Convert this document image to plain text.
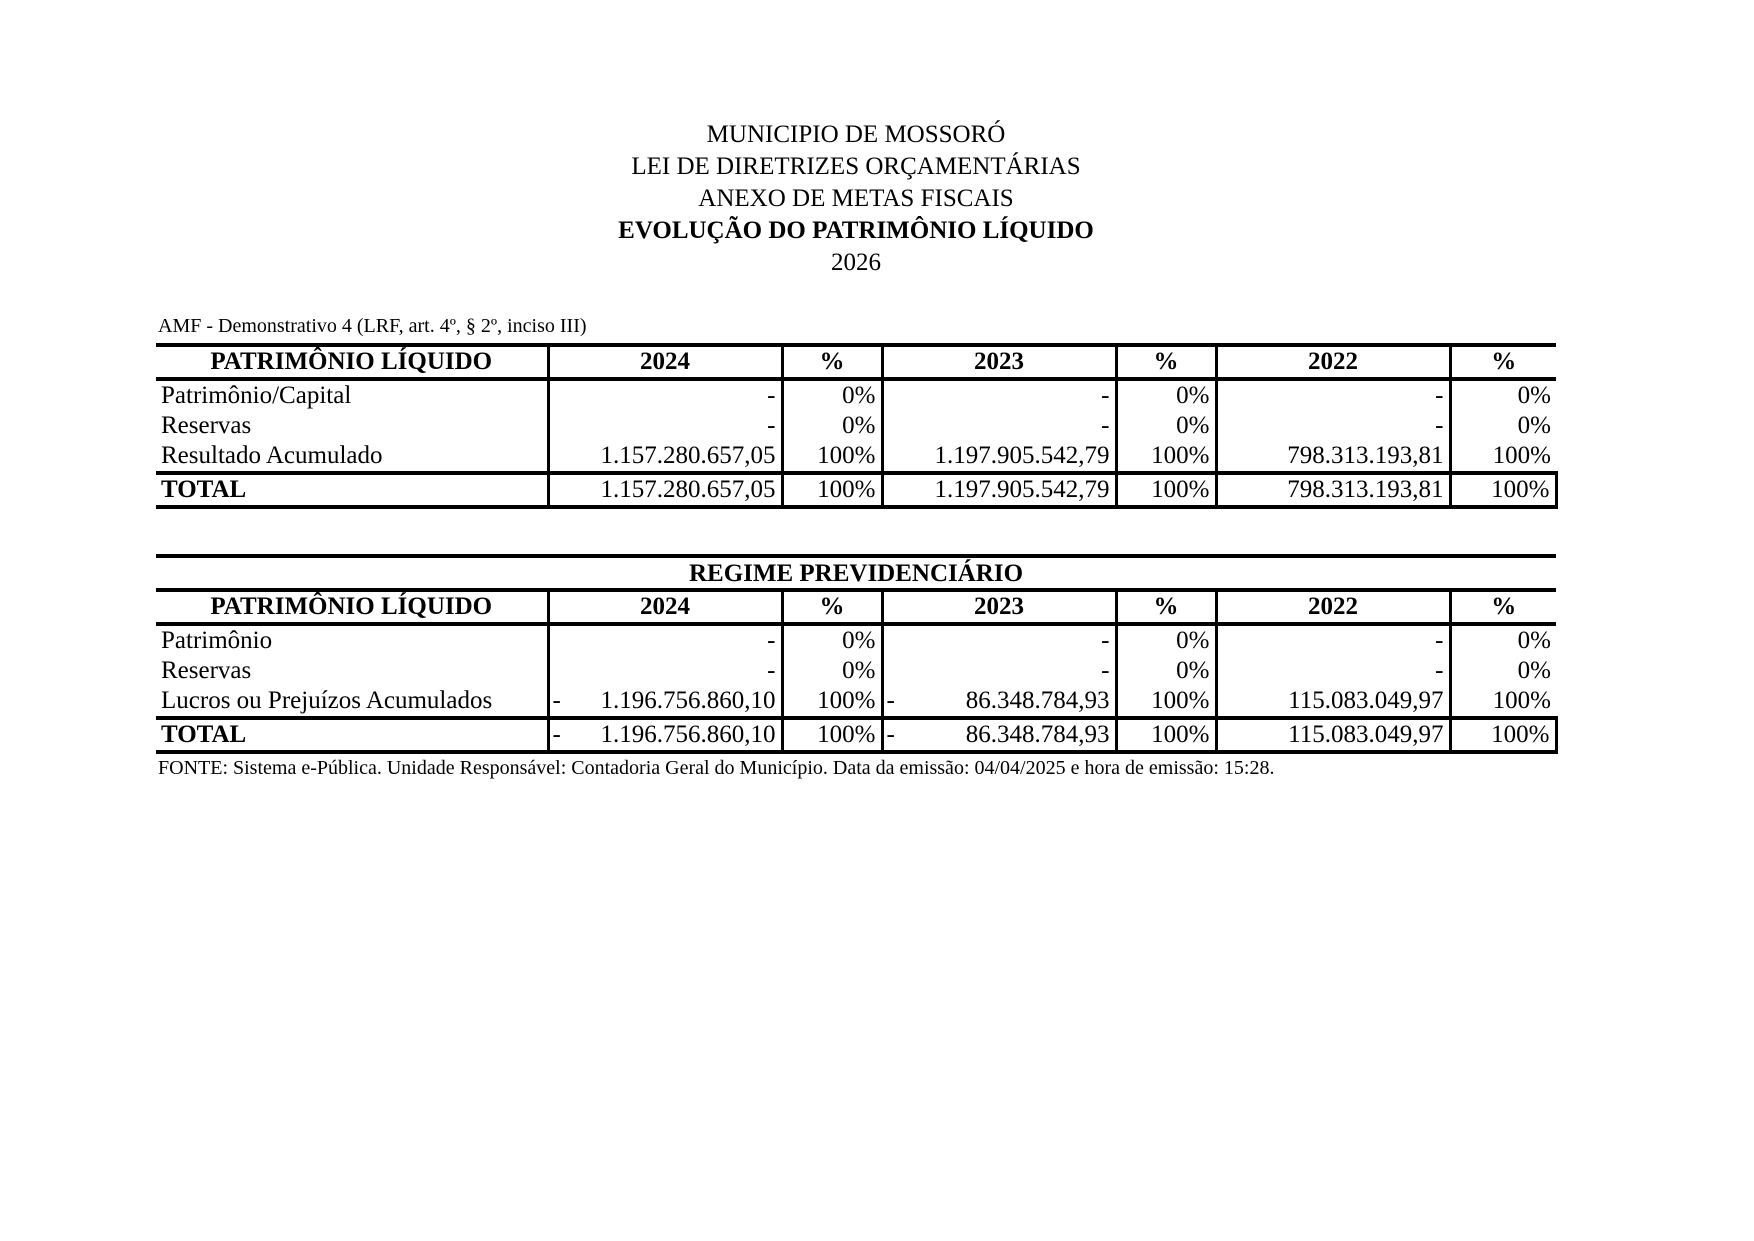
MUNICIPIO DE MOSSORÓ
LEI DE DIRETRIZES ORÇAMENTÁRIAS
ANEXO DE METAS FISCAIS
EVOLUÇÃO DO PATRIMÔNIO LÍQUIDO
2026
AMF - Demonstrativo 4 (LRF, art. 4º, § 2º, inciso III)
PATRIMÔNIO LÍQUIDO	2024	%	2023	%	2022	%
Patrimônio/Capital	-	0%	-	0%	-	0%
Reservas	-	0%	-	0%	-	0%
Resultado Acumulado	1.157.280.657,05	100%	1.197.905.542,79	100%	798.313.193,81	100%
TOTAL	1.157.280.657,05	100%	1.197.905.542,79	100%	798.313.193,81	100%
REGIME PREVIDENCIÁRIO
PATRIMÔNIO LÍQUIDO	2024	%	2023	%	2022	%
Patrimônio	-	0%	-	0%	-	0%
Reservas	-	0%	-	0%	-	0%
Lucros ou Prejuízos Acumulados	- 1.196.756.860,10	100%	- 86.348.784,93	100%	115.083.049,97	100%
TOTAL	- 1.196.756.860,10	100%	- 86.348.784,93	100%	115.083.049,97	100%
FONTE: Sistema e-Pública. Unidade Responsável: Contadoria Geral do Município. Data da emissão: 04/04/2025 e hora de emissão: 15:28.
